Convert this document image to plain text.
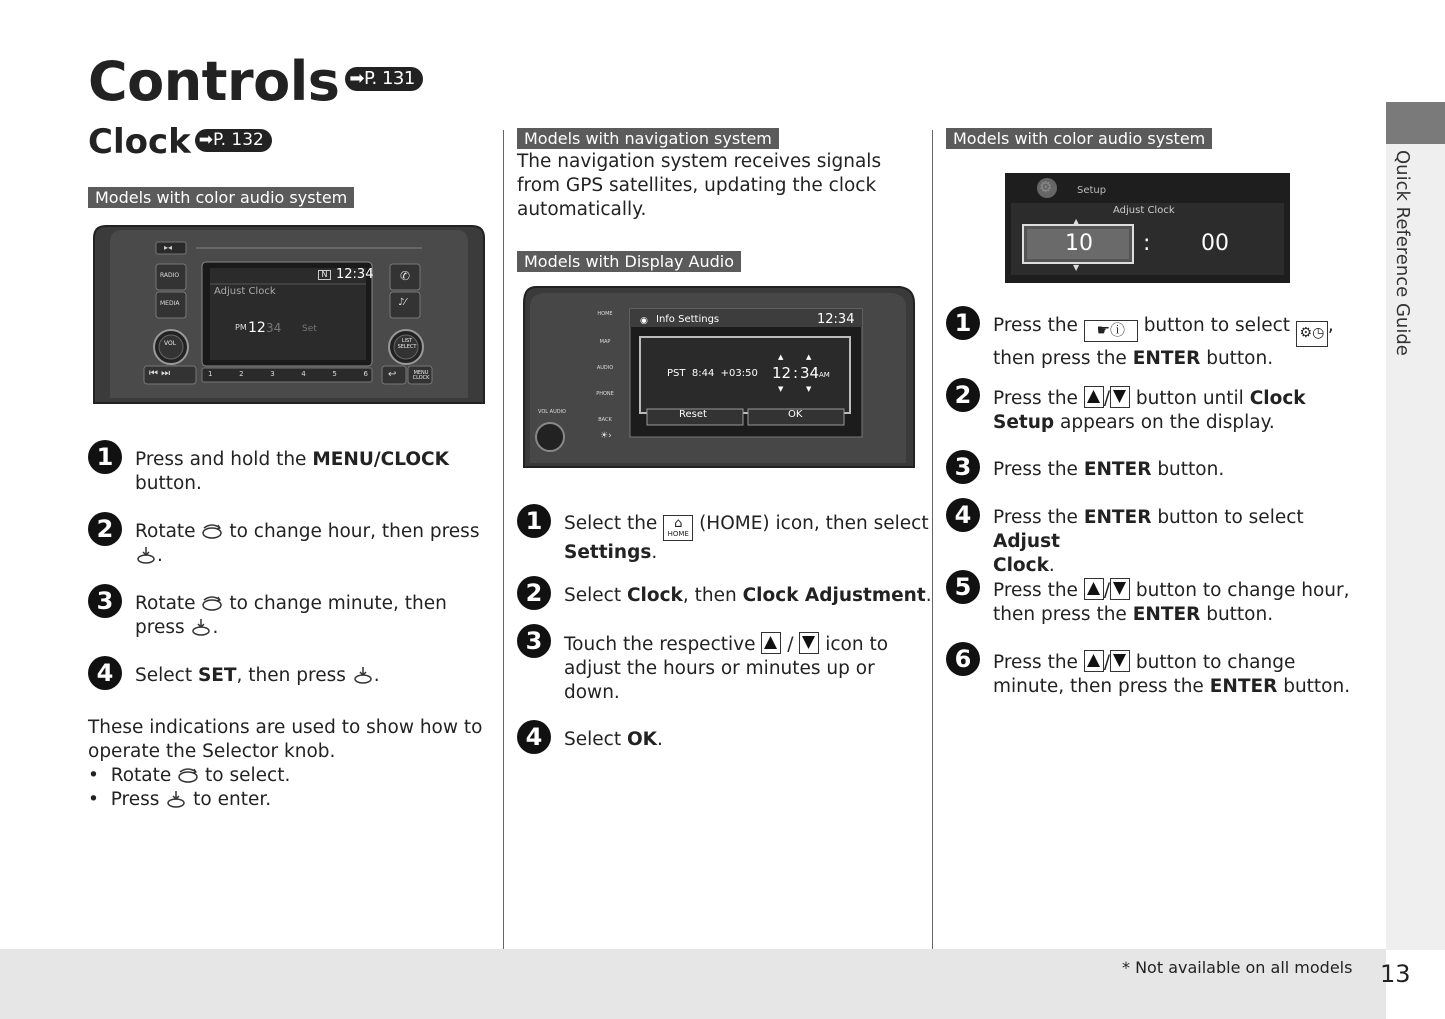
Controls ➡P. 131
Clock ➡P. 132
Models with color audio system
▸◂
RADIO
MEDIA
✆
♪⁄
N 12:34
Adjust Clock
PM 12 34 Set
VOL	LIST SELECT
MENU CLOCK
⏮ ⏭	↩
1	2	3	4	5	6
1	Press and hold the MENU/CLOCK
button.
2	Rotate  to change hour, then press
.
3	Rotate  to change minute, then
press .
4	Select SET, then press .
These indications are used to show how to operate the Selector knob.
• Rotate  to select.
• Press  to enter.
Models with navigation system
The navigation system receives signals from GPS satellites, updating the clock automatically.
Models with Display Audio
◉ Info Settings	12:34
PST  8:44  +03:50
▲	▲
12 : 34 AM
▼	▼
Reset	OK
HOME
MAP
AUDIO
PHONE
BACK
☀›
VOL AUDIO
1	Select the ⌂
HOME (HOME) icon, then select
Settings.
2	Select Clock, then Clock Adjustment.
3	Touch the respective
/
icon to
adjust the hours or minutes up or
down.
4	Select OK.
Models with color audio system
⚙ Setup
Adjust Clock
▲
10
▼
: 00
1	Press the ☛ⓘ button to select ⚙◷ ,
then press the ENTER button.
2	Press the
/
button until Clock
Setup appears on the display.
3	Press the ENTER button.
4	Press the ENTER button to select Adjust
Clock.
5	Press the
/
button to change hour,
then press the ENTER button.
6	Press the
/
button to change
minute, then press the ENTER button.
Quick Reference Guide
* Not available on all models 13
